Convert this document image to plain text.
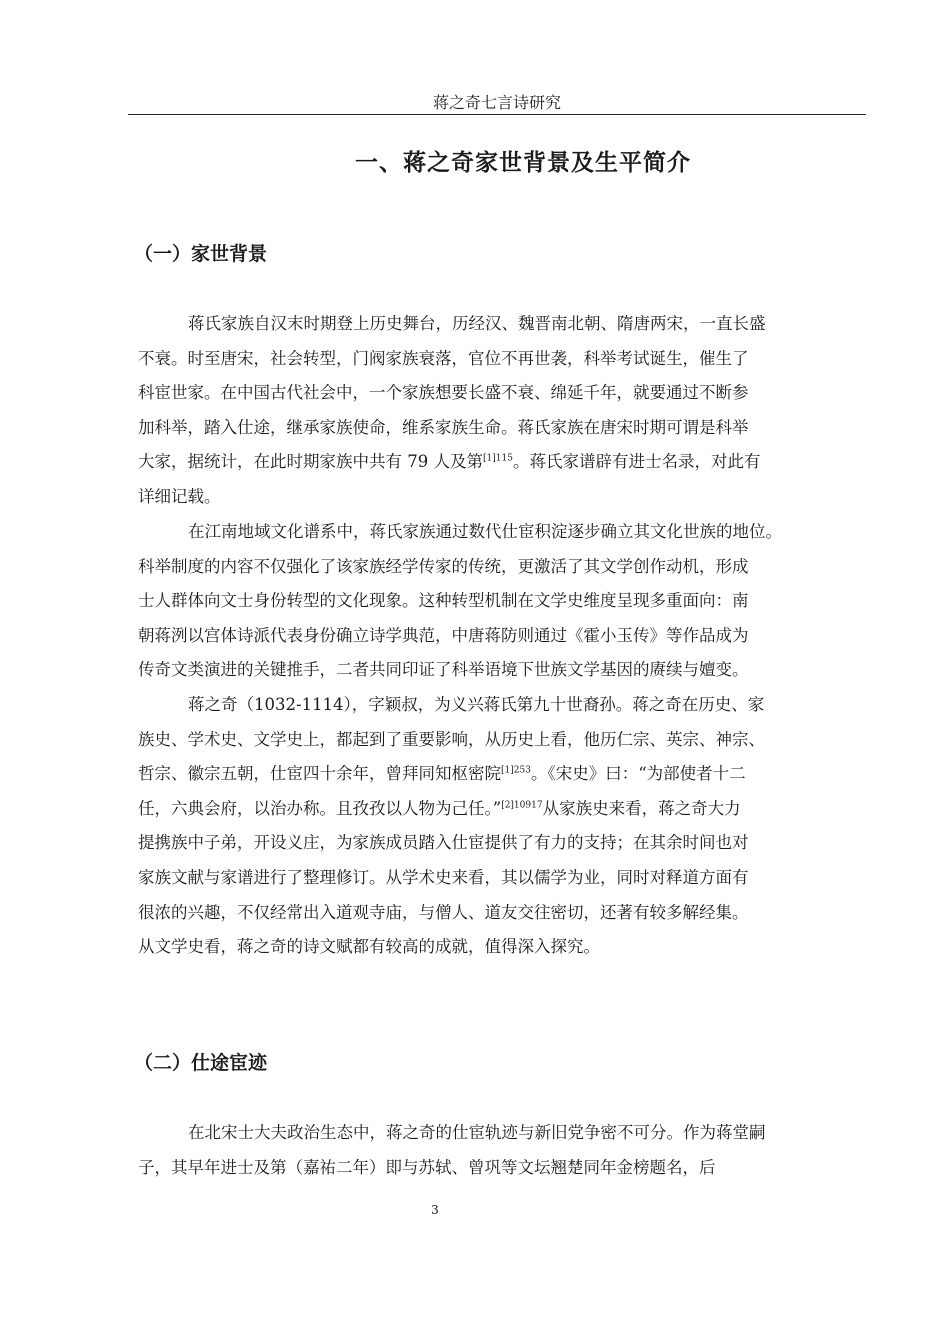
蒋之奇七言诗研究
一、蒋之奇家世背景及生平简介
（一）家世背景
蒋氏家族自汉末时期登上历史舞台，历经汉、魏晋南北朝、隋唐两宋，一直长盛
不衰。时至唐宋，社会转型，门阀家族衰落，官位不再世袭，科举考试诞生，催生了
科宦世家。在中国古代社会中，一个家族想要长盛不衰、绵延千年，就要通过不断参
加科举，踏入仕途，继承家族使命，维系家族生命。蒋氏家族在唐宋时期可谓是科举
大家，据统计，在此时期家族中共有 79 人及第$^{[1]115}$。蒋氏家谱辟有进士名录，对此有
详细记载。
在江南地域文化谱系中，蒋氏家族通过数代仕宦积淀逐步确立其文化世族的地位。
科举制度的内容不仅强化了该家族经学传家的传统，更激活了其文学创作动机，形成
士人群体向文士身份转型的文化现象。这种转型机制在文学史维度呈现多重面向：南
朝蒋洌以宫体诗派代表身份确立诗学典范，中唐蒋防则通过《霍小玉传》等作品成为
传奇文类演进的关键推手，二者共同印证了科举语境下世族文学基因的赓续与嬗变。
蒋之奇（1032-1114），字颖叔，为义兴蒋氏第九十世裔孙。蒋之奇在历史、家
族史、学术史、文学史上，都起到了重要影响，从历史上看，他历仁宗、英宗、神宗、
哲宗、徽宗五朝，仕宦四十余年，曾拜同知枢密院$^{[1]253}$。《宋史》曰：“为部使者十二
任，六典会府，以治办称。且孜孜以人物为己任。”$^{[2]10917}$从家族史来看，蒋之奇大力
提携族中子弟，开设义庄，为家族成员踏入仕宦提供了有力的支持；在其余时间也对
家族文献与家谱进行了整理修订。从学术史来看，其以儒学为业，同时对释道方面有
很浓的兴趣，不仅经常出入道观寺庙，与僧人、道友交往密切，还著有较多解经集。
从文学史看，蒋之奇的诗文赋都有较高的成就，值得深入探究。
（二）仕途宦迹
在北宋士大夫政治生态中，蒋之奇的仕宦轨迹与新旧党争密不可分。作为蒋堂嗣
子，其早年进士及第（嘉祐二年）即与苏轼、曾巩等文坛翘楚同年金榜题名，后
3
